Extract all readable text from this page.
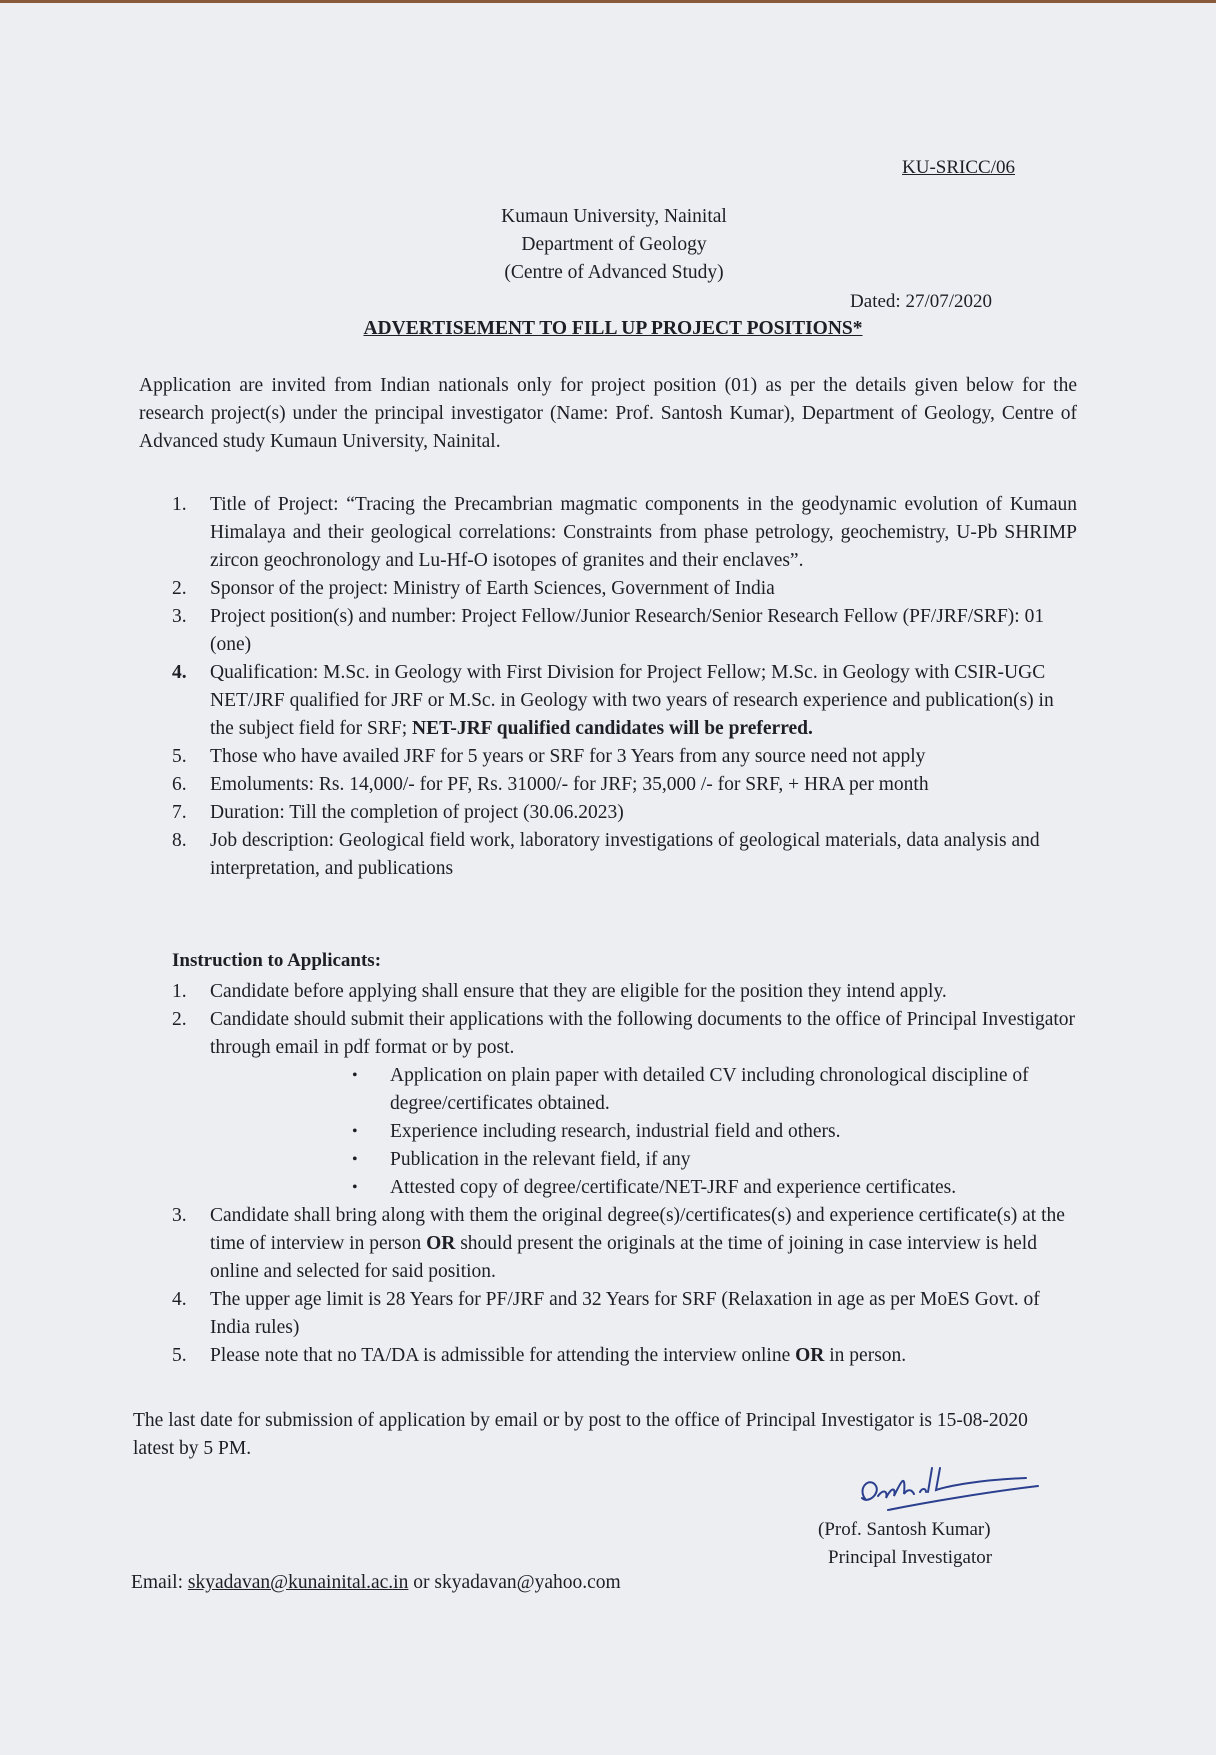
KU-SRICC/06
Kumaun University, Nainital
Department of Geology
(Centre of Advanced Study)
Dated: 27/07/2020
ADVERTISEMENT TO FILL UP PROJECT POSITIONS*
Application are invited from Indian nationals only for project position (01) as per the details given below for the research project(s) under the principal investigator (Name: Prof. Santosh Kumar), Department of Geology, Centre of Advanced study Kumaun University, Nainital.
1. Title of Project: “Tracing the Precambrian magmatic components in the geodynamic evolution of Kumaun Himalaya and their geological correlations: Constraints from phase petrology, geochemistry, U-Pb SHRIMP zircon geochronology and Lu-Hf-O isotopes of granites and their enclaves”.
2. Sponsor of the project: Ministry of Earth Sciences, Government of India
3. Project position(s) and number: Project Fellow/Junior Research/Senior Research Fellow (PF/JRF/SRF): 01 (one)
4. Qualification: M.Sc. in Geology with First Division for Project Fellow; M.Sc. in Geology with CSIR-UGC NET/JRF qualified for JRF or M.Sc. in Geology with two years of research experience and publication(s) in the subject field for SRF; NET-JRF qualified candidates will be preferred.
5. Those who have availed JRF for 5 years or SRF for 3 Years from any source need not apply
6. Emoluments: Rs. 14,000/- for PF, Rs. 31000/- for JRF; 35,000 /- for SRF, + HRA per month
7. Duration: Till the completion of project (30.06.2023)
8. Job description: Geological field work, laboratory investigations of geological materials, data analysis and interpretation, and publications
Instruction to Applicants:
1. Candidate before applying shall ensure that they are eligible for the position they intend apply.
2. Candidate should submit their applications with the following documents to the office of Principal Investigator through email in pdf format or by post.
• Application on plain paper with detailed CV including chronological discipline of degree/certificates obtained.
• Experience including research, industrial field and others.
• Publication in the relevant field, if any
• Attested copy of degree/certificate/NET-JRF and experience certificates.
3. Candidate shall bring along with them the original degree(s)/certificates(s) and experience certificate(s) at the time of interview in person OR should present the originals at the time of joining in case interview is held online and selected for said position.
4. The upper age limit is 28 Years for PF/JRF and 32 Years for SRF (Relaxation in age as per MoES Govt. of India rules)
5. Please note that no TA/DA is admissible for attending the interview online OR in person.
The last date for submission of application by email or by post to the office of Principal Investigator is 15-08-2020 latest by 5 PM.
(Prof. Santosh Kumar)
Principal Investigator
Email: skyadavan@kunainital.ac.in or skyadavan@yahoo.com
